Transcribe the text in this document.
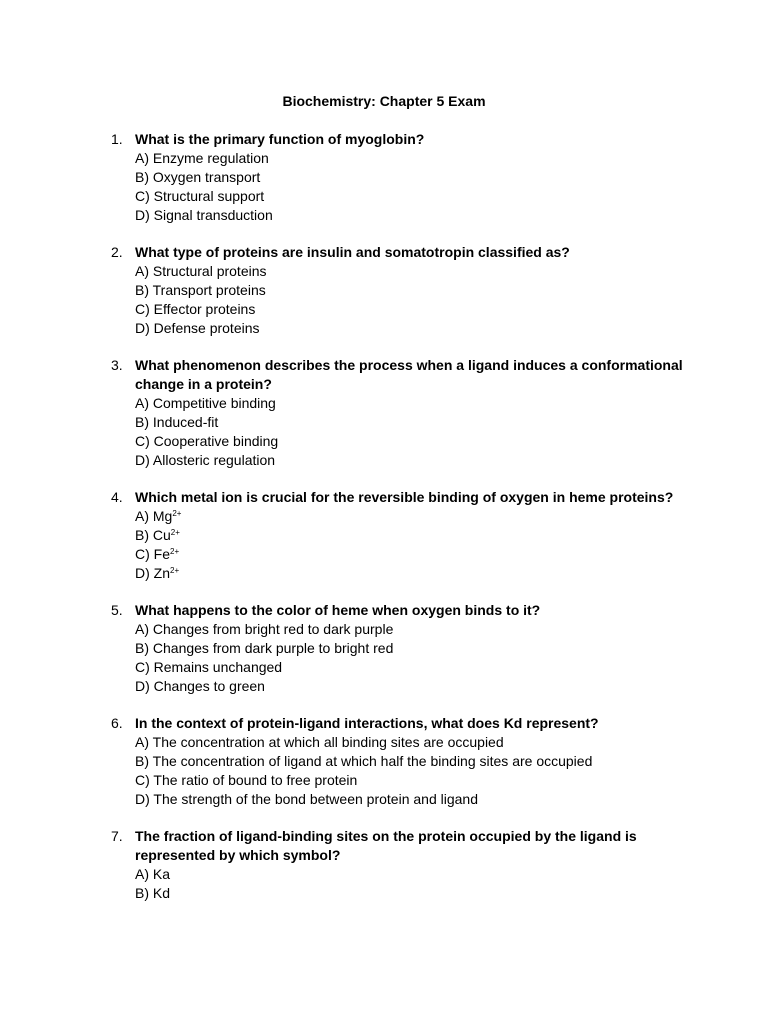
Biochemistry: Chapter 5 Exam
1. What is the primary function of myoglobin?

A) Enzyme regulation
B) Oxygen transport
C) Structural support
D) Signal transduction
2. What type of proteins are insulin and somatotropin classified as?

A) Structural proteins
B) Transport proteins
C) Effector proteins
D) Defense proteins
3. What phenomenon describes the process when a ligand induces a conformational change in a protein?

A) Competitive binding
B) Induced-fit
C) Cooperative binding
D) Allosteric regulation
4. Which metal ion is crucial for the reversible binding of oxygen in heme proteins?

A) $Mg^{2+}$
B) $Cu^{2+}$
C) $Fe^{2+}$
D) $Zn^{2+}$
5. What happens to the color of heme when oxygen binds to it?

A) Changes from bright red to dark purple
B) Changes from dark purple to bright red
C) Remains unchanged
D) Changes to green
6. In the context of protein-ligand interactions, what does Kd represent?

A) The concentration at which all binding sites are occupied
B) The concentration of ligand at which half the binding sites are occupied
C) The ratio of bound to free protein
D) The strength of the bond between protein and ligand
7. The fraction of ligand-binding sites on the protein occupied by the ligand is represented by which symbol?

A) Ka
B) Kd
